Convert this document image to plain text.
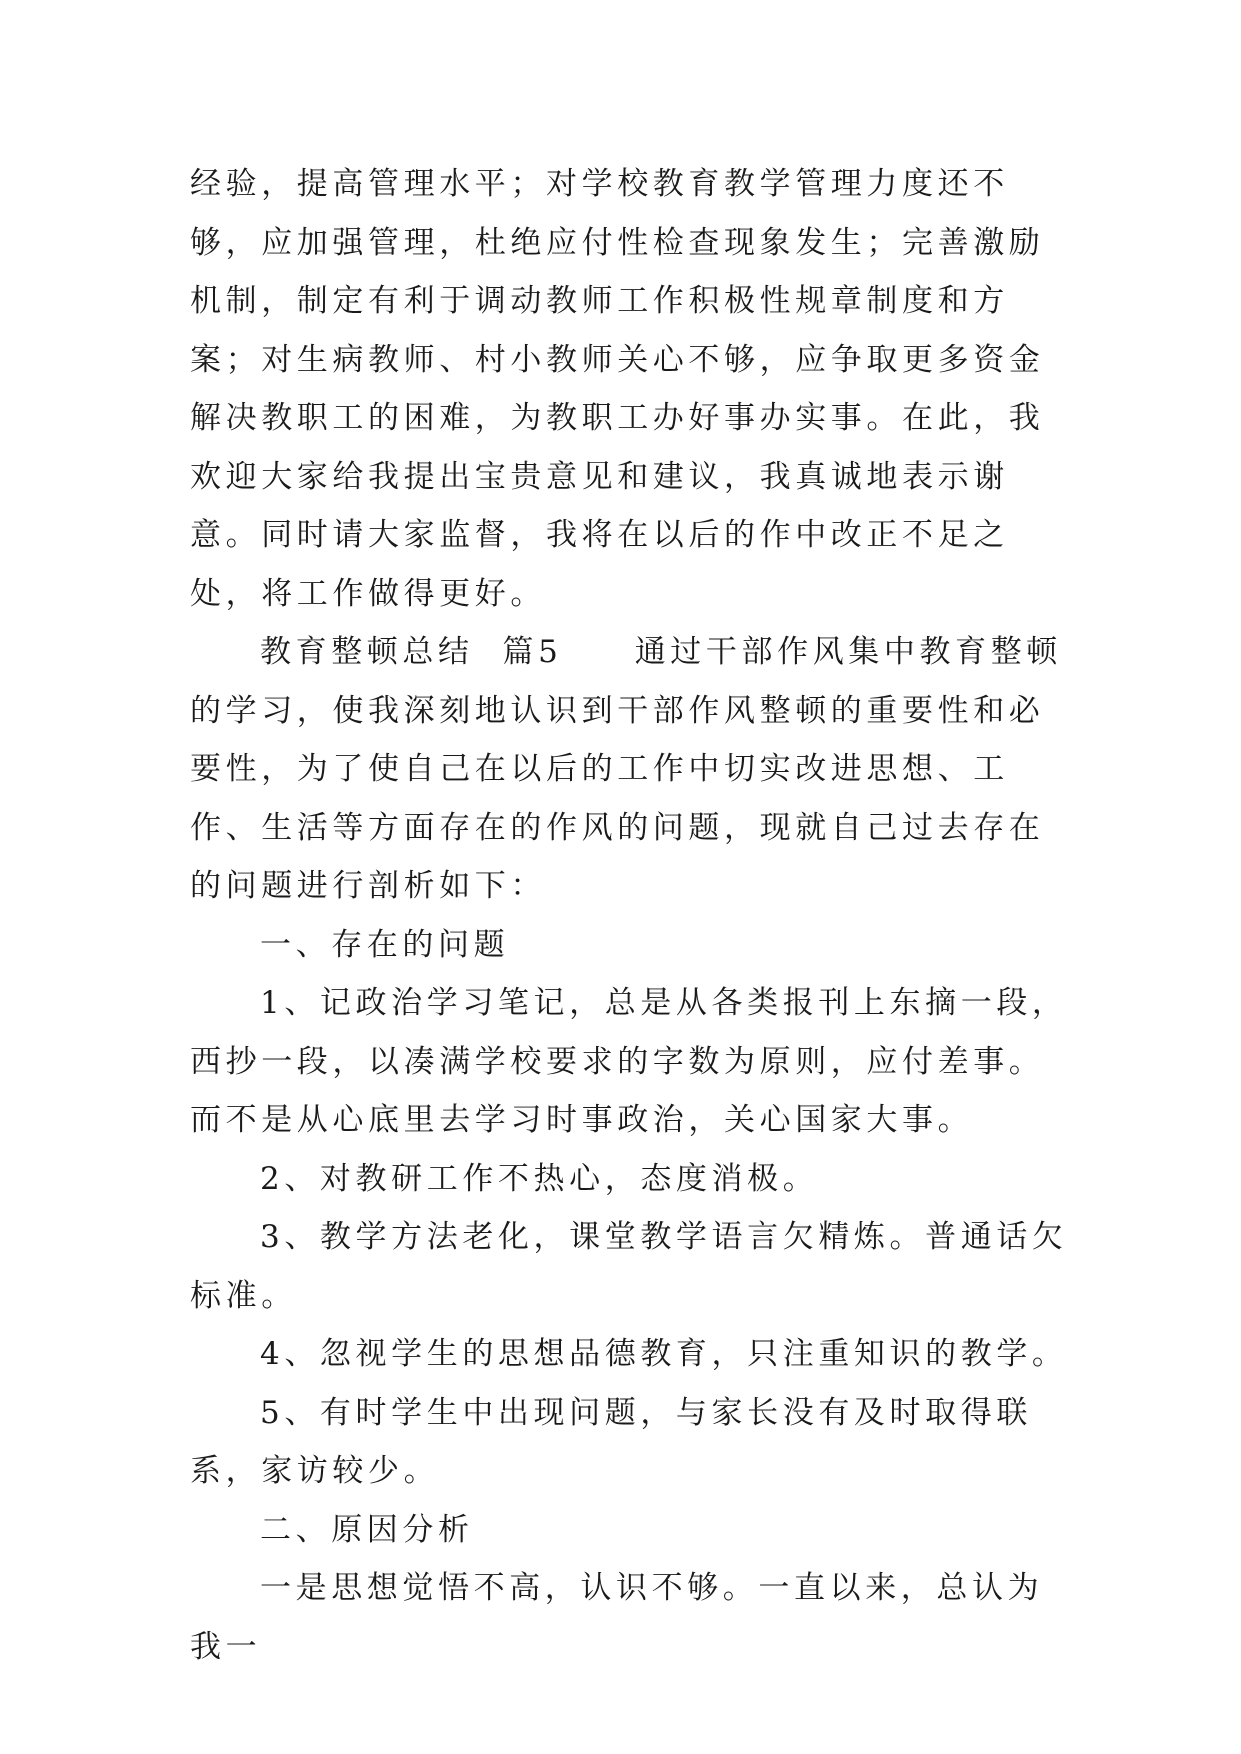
经验，提高管理水平；对学校教育教学管理力度还不够，应加强管理，杜绝应付性检查现象发生；完善激励机制，制定有利于调动教师工作积极性规章制度和方案；对生病教师、村小教师关心不够，应争取更多资金解决教职工的困难，为教职工办好事办实事。在此，我欢迎大家给我提出宝贵意见和建议，我真诚地表示谢意。同时请大家监督，我将在以后的作中改正不足之处，将工作做得更好。

教育整顿总结  篇5     通过干部作风集中教育整顿的学习，使我深刻地认识到干部作风整顿的重要性和必要性，为了使自己在以后的工作中切实改进思想、工作、生活等方面存在的作风的问题，现就自己过去存在的问题进行剖析如下：

一、存在的问题

1、记政治学习笔记，总是从各类报刊上东摘一段，西抄一段，以凑满学校要求的字数为原则，应付差事。而不是从心底里去学习时事政治，关心国家大事。

2、对教研工作不热心，态度消极。

3、教学方法老化，课堂教学语言欠精炼。普通话欠标准。

4、忽视学生的思想品德教育，只注重知识的教学。

5、有时学生中出现问题，与家长没有及时取得联系，家访较少。

二、原因分析

一是思想觉悟不高，认识不够。一直以来，总认为我一
